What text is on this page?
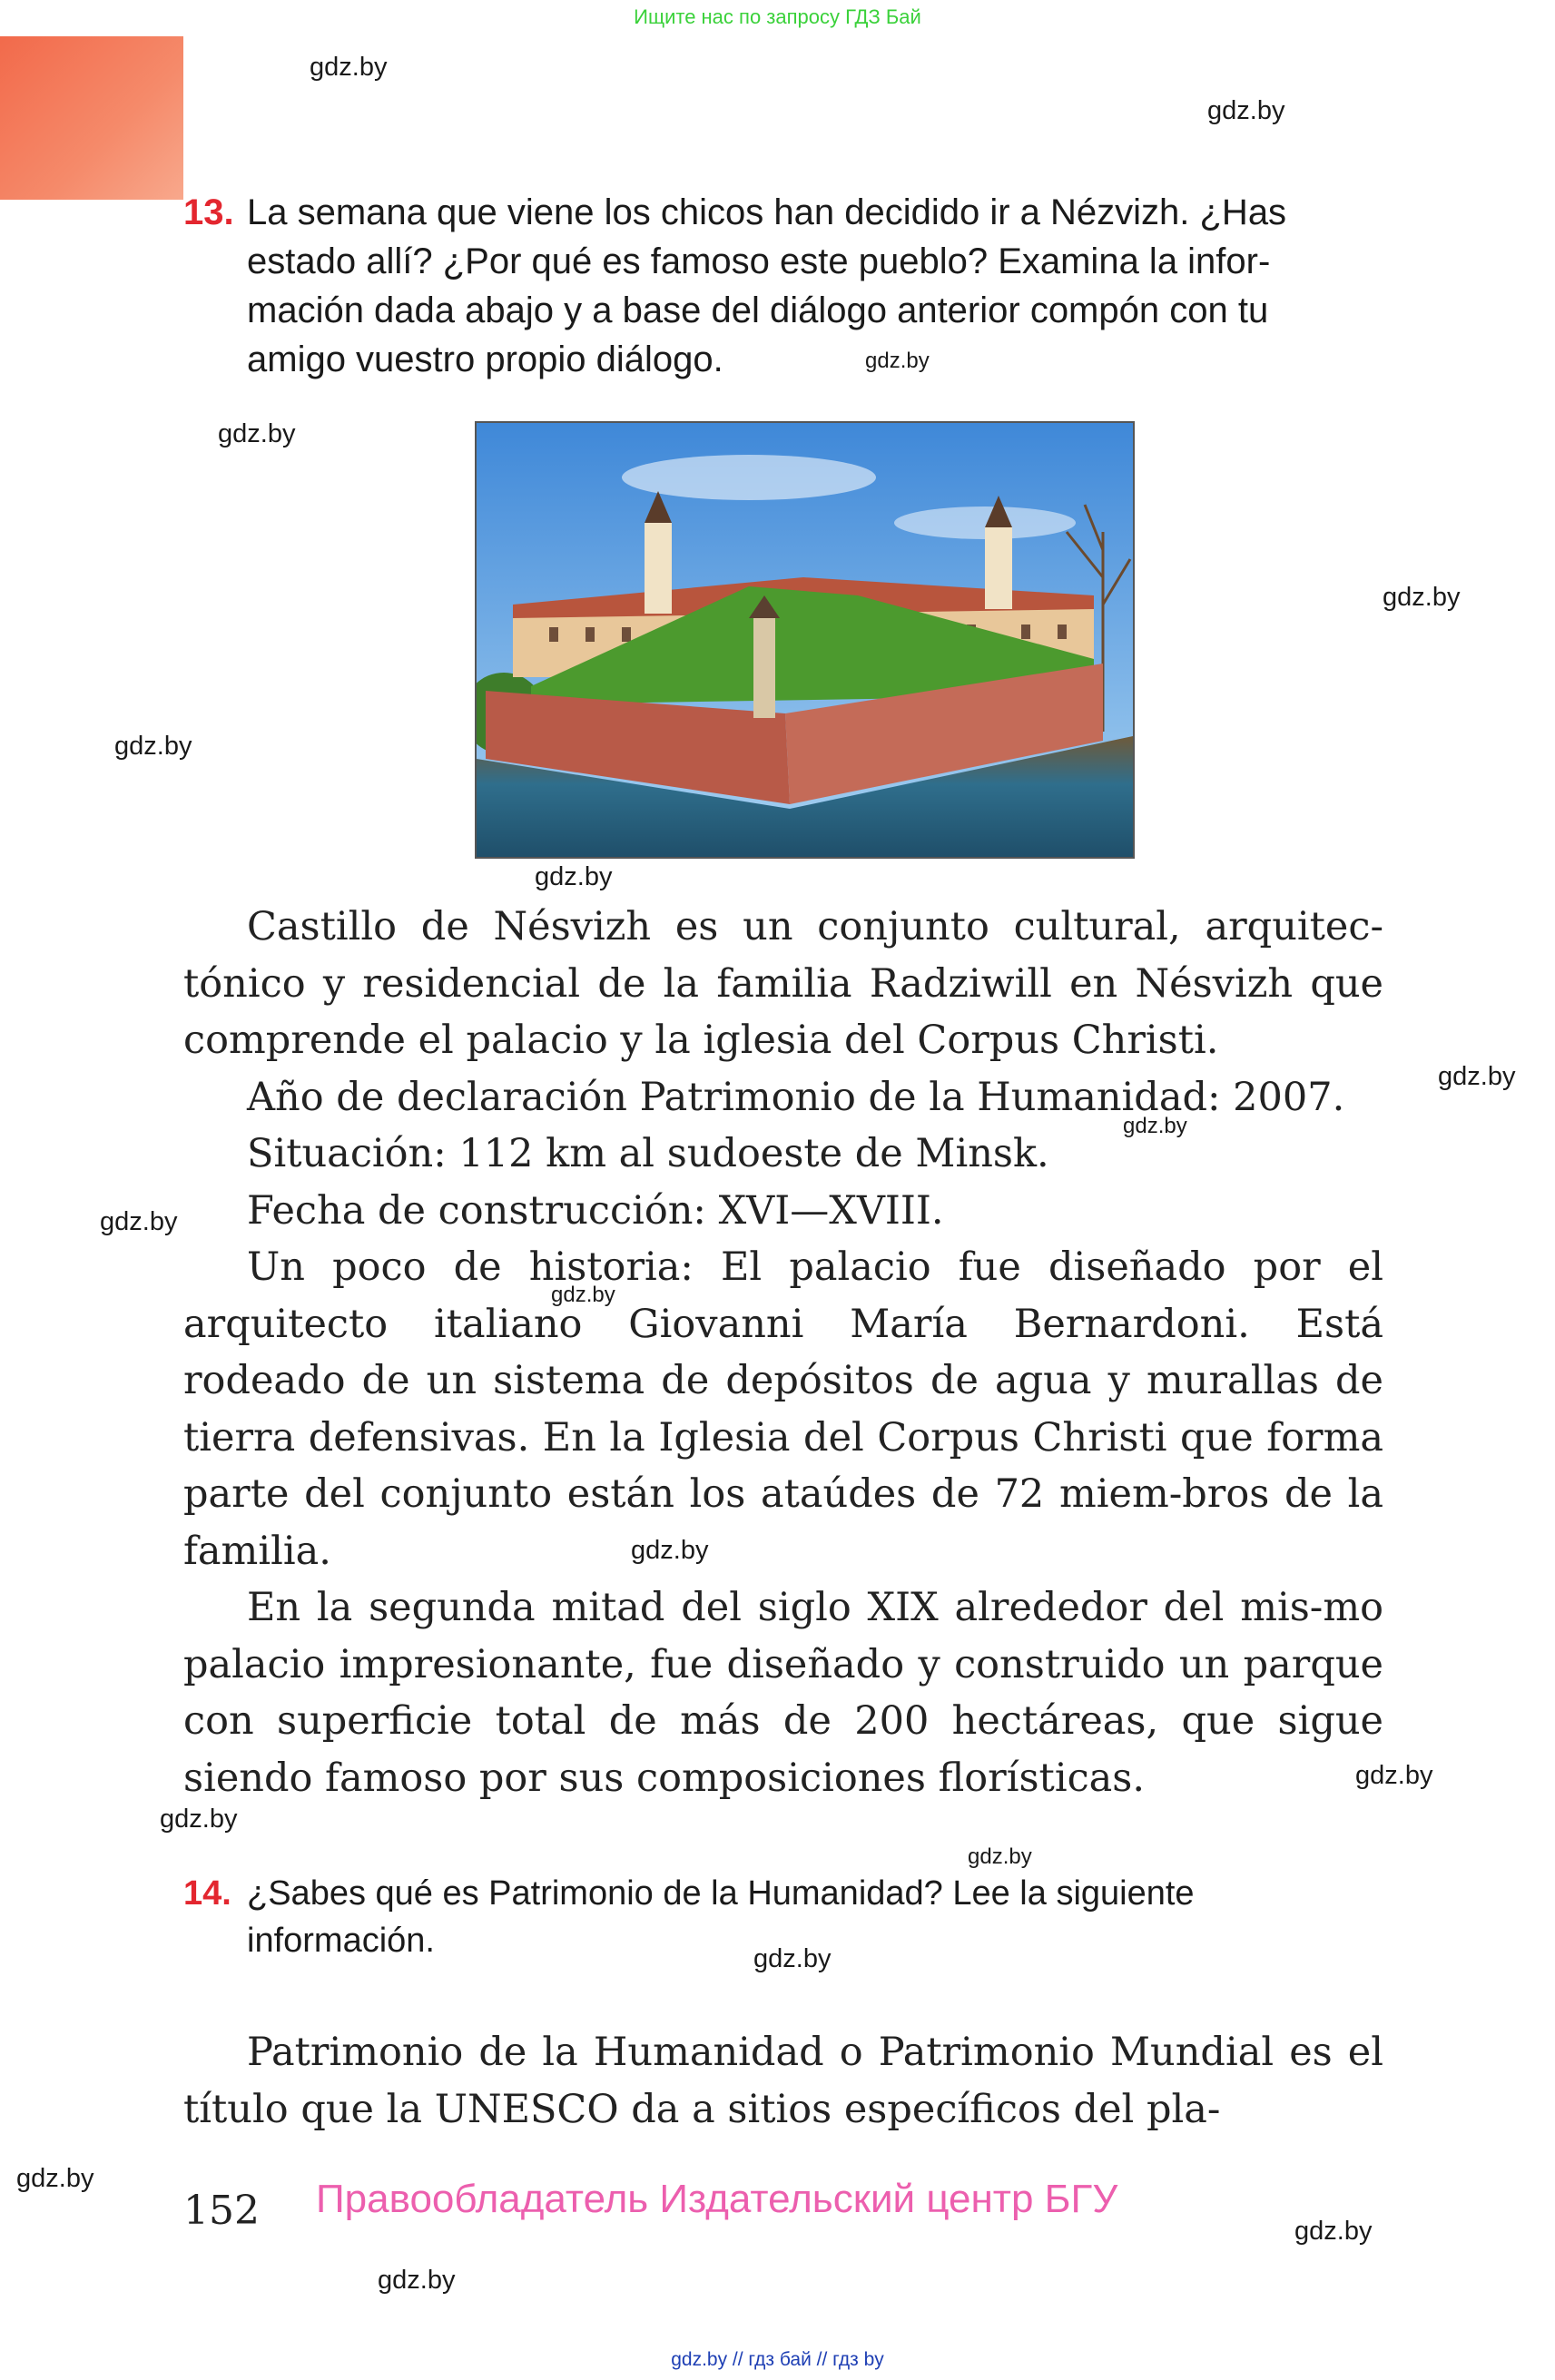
Ищите нас по запросу ГДЗ Бай
gdz.by
gdz.by
gdz.by
gdz.by
gdz.by
gdz.by
gdz.by
gdz.by
gdz.by
gdz.by
gdz.by
gdz.by
gdz.by
gdz.by
gdz.by
gdz.by
gdz.by
gdz.by
gdz.by
13. La semana que viene los chicos han decidido ir a Nézvizh. ¿Has
estado allí? ¿Por qué es famoso este pueblo? Examina la infor-
mación dada abajo y a base del diálogo anterior compón con tu
amigo vuestro propio diálogo.

Castillo de Nésvizh es un conjunto cultural, arquitec-tónico y residencial de la familia Radziwill en Nésvizh que comprende el palacio y la iglesia del Corpus Christi.

Año de declaración Patrimonio de la Humanidad: 2007.

Situación: 112 km al sudoeste de Minsk.

Fecha de construcción: XVI—XVIII.

Un poco de historia: El palacio fue diseñado por el arquitecto italiano Giovanni María Bernardoni. Está rodeado de un sistema de depósitos de agua y murallas de tierra defensivas. En la Iglesia del Corpus Christi que forma parte del conjunto están los ataúdes de 72 miem-bros de la familia.

En la segunda mitad del siglo XIX alrededor del mis-mo palacio impresionante, fue diseñado y construido un parque con superficie total de más de 200 hectáreas, que sigue siendo famoso por sus composiciones florísticas.

14. ¿Sabes qué es Patrimonio de la Humanidad? Lee la siguiente
información.

Patrimonio de la Humanidad o Patrimonio Mundial es el título que la UNESCO da a sitios específicos del pla-

152 Правообладатель Издательский центр БГУ
gdz.by // гдз бай // гдз by
